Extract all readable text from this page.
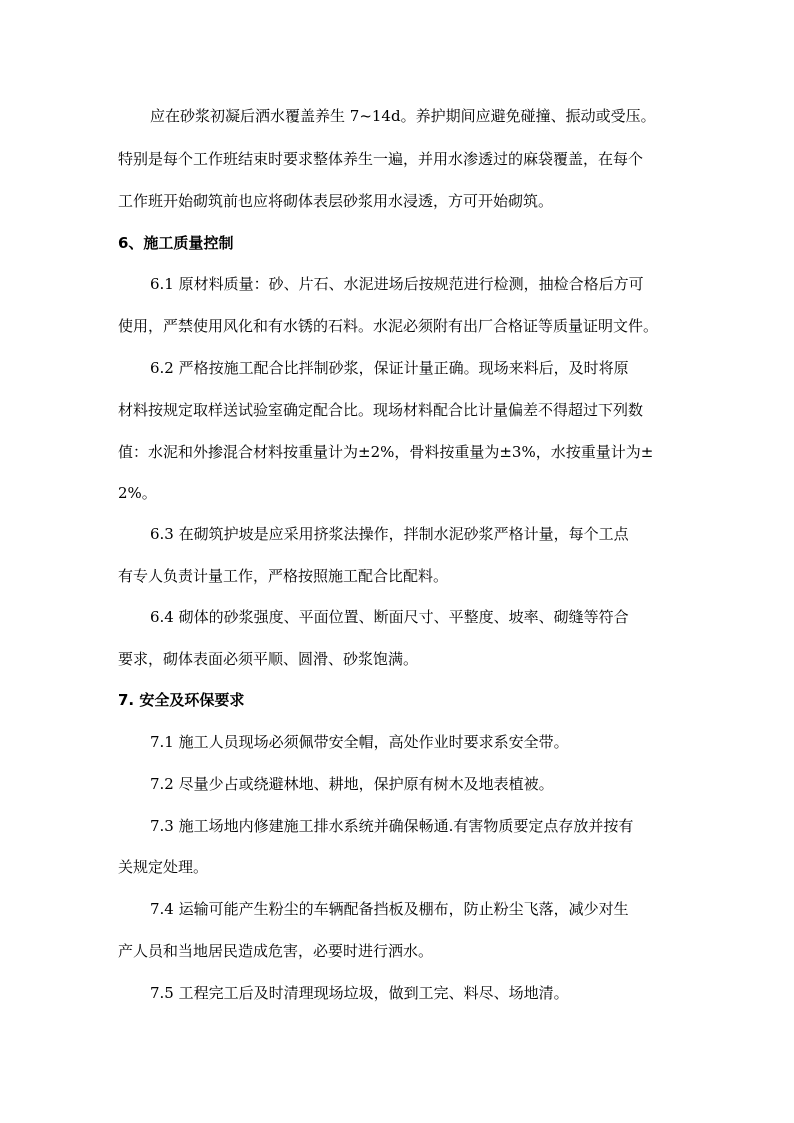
应在砂浆初凝后洒水覆盖养生 7~14d。养护期间应避免碰撞、振动或受压。
特别是每个工作班结束时要求整体养生一遍，并用水渗透过的麻袋覆盖，在每个
工作班开始砌筑前也应将砌体表层砂浆用水浸透，方可开始砌筑。
6、施工质量控制
6.1 原材料质量：砂、片石、水泥进场后按规范进行检测，抽检合格后方可
使用，严禁使用风化和有水锈的石料。水泥必须附有出厂合格证等质量证明文件。
6.2 严格按施工配合比拌制砂浆，保证计量正确。现场来料后，及时将原
材料按规定取样送试验室确定配合比。现场材料配合比计量偏差不得超过下列数
值：水泥和外掺混合材料按重量计为±2%，骨料按重量为±3%，水按重量计为±
2%。
6.3 在砌筑护坡是应采用挤浆法操作，拌制水泥砂浆严格计量，每个工点
有专人负责计量工作，严格按照施工配合比配料。
6.4 砌体的砂浆强度、平面位置、断面尺寸、平整度、坡率、砌缝等符合
要求，砌体表面必须平顺、圆滑、砂浆饱满。
7. 安全及环保要求
7.1 施工人员现场必须佩带安全帽，高处作业时要求系安全带。
7.2 尽量少占或绕避林地、耕地，保护原有树木及地表植被。
7.3 施工场地内修建施工排水系统并确保畅通.有害物质要定点存放并按有
关规定处理。
7.4 运输可能产生粉尘的车辆配备挡板及棚布，防止粉尘飞落，减少对生
产人员和当地居民造成危害，必要时进行洒水。
7.5 工程完工后及时清理现场垃圾，做到工完、料尽、场地清。
